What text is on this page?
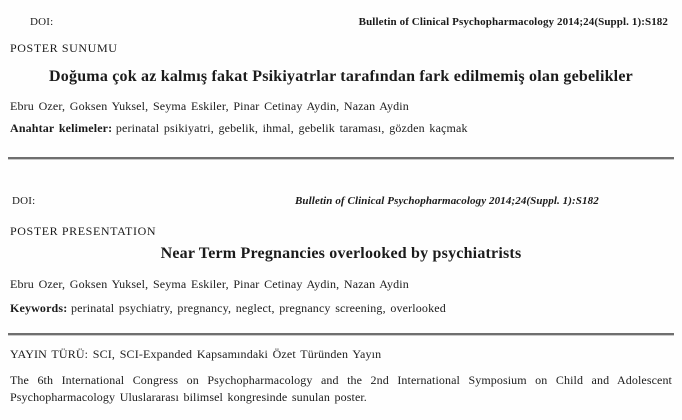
DOI:	Bulletin of Clinical Psychopharmacology 2014;24(Suppl. 1):S182
POSTER SUNUMU
Doğuma çok az kalmış fakat Psikiyatrlar tarafından fark edilmemiş olan gebelikler
Ebru Ozer, Goksen Yuksel, Seyma Eskiler, Pinar Cetinay Aydin, Nazan Aydin
Anahtar kelimeler: perinatal psikiyatri, gebelik, ihmal, gebelik taraması, gözden kaçmak
DOI:	Bulletin of Clinical Psychopharmacology 2014;24(Suppl. 1):S182
POSTER PRESENTATION
Near Term Pregnancies overlooked by psychiatrists
Ebru Ozer, Goksen Yuksel, Seyma Eskiler, Pinar Cetinay Aydin, Nazan Aydin
Keywords: perinatal psychiatry, pregnancy, neglect, pregnancy screening, overlooked
YAYIN TÜRÜ: SCI, SCI-Expanded Kapsamındaki Özet Türünden Yayın
The 6th International Congress on Psychopharmacology and the 2nd International Symposium on Child and Adolescent Psychopharmacology Uluslararası bilimsel kongresinde sunulan poster.
